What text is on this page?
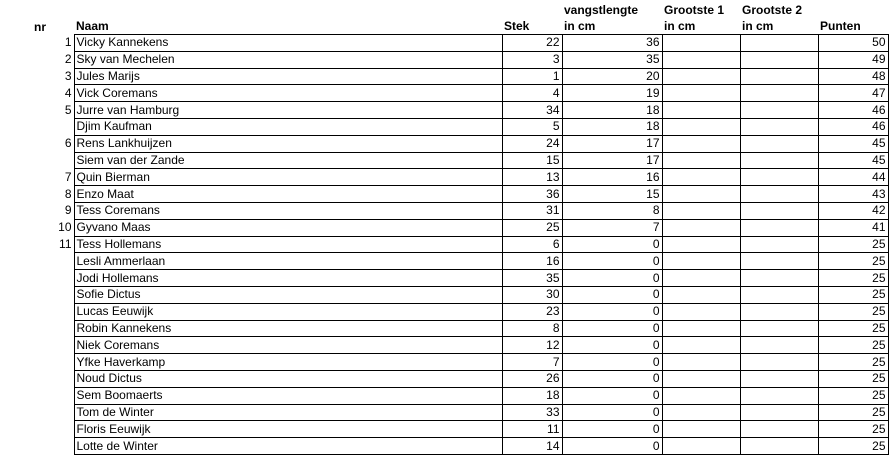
			vangstlengte	Grootste 1	Grootste 2	
nr	Naam	Stek	in cm	in cm	in cm	Punten
1	Vicky Kannekens	22	36			50
2	Sky van Mechelen	3	35			49
3	Jules Marijs	1	20			48
4	Vick Coremans	4	19			47
5	Jurre van Hamburg	34	18			46
	Djim Kaufman	5	18			46
6	Rens Lankhuijzen	24	17			45
	Siem van der Zande	15	17			45
7	Quin Bierman	13	16			44
8	Enzo Maat	36	15			43
9	Tess Coremans	31	8			42
10	Gyvano Maas	25	7			41
11	Tess Hollemans	6	0			25
	Lesli Ammerlaan	16	0			25
	Jodi Hollemans	35	0			25
	Sofie Dictus	30	0			25
	Lucas Eeuwijk	23	0			25
	Robin Kannekens	8	0			25
	Niek Coremans	12	0			25
	Yfke Haverkamp	7	0			25
	Noud Dictus	26	0			25
	Sem Boomaerts	18	0			25
	Tom de Winter	33	0			25
	Floris Eeuwijk	11	0			25
	Lotte de Winter	14	0			25
